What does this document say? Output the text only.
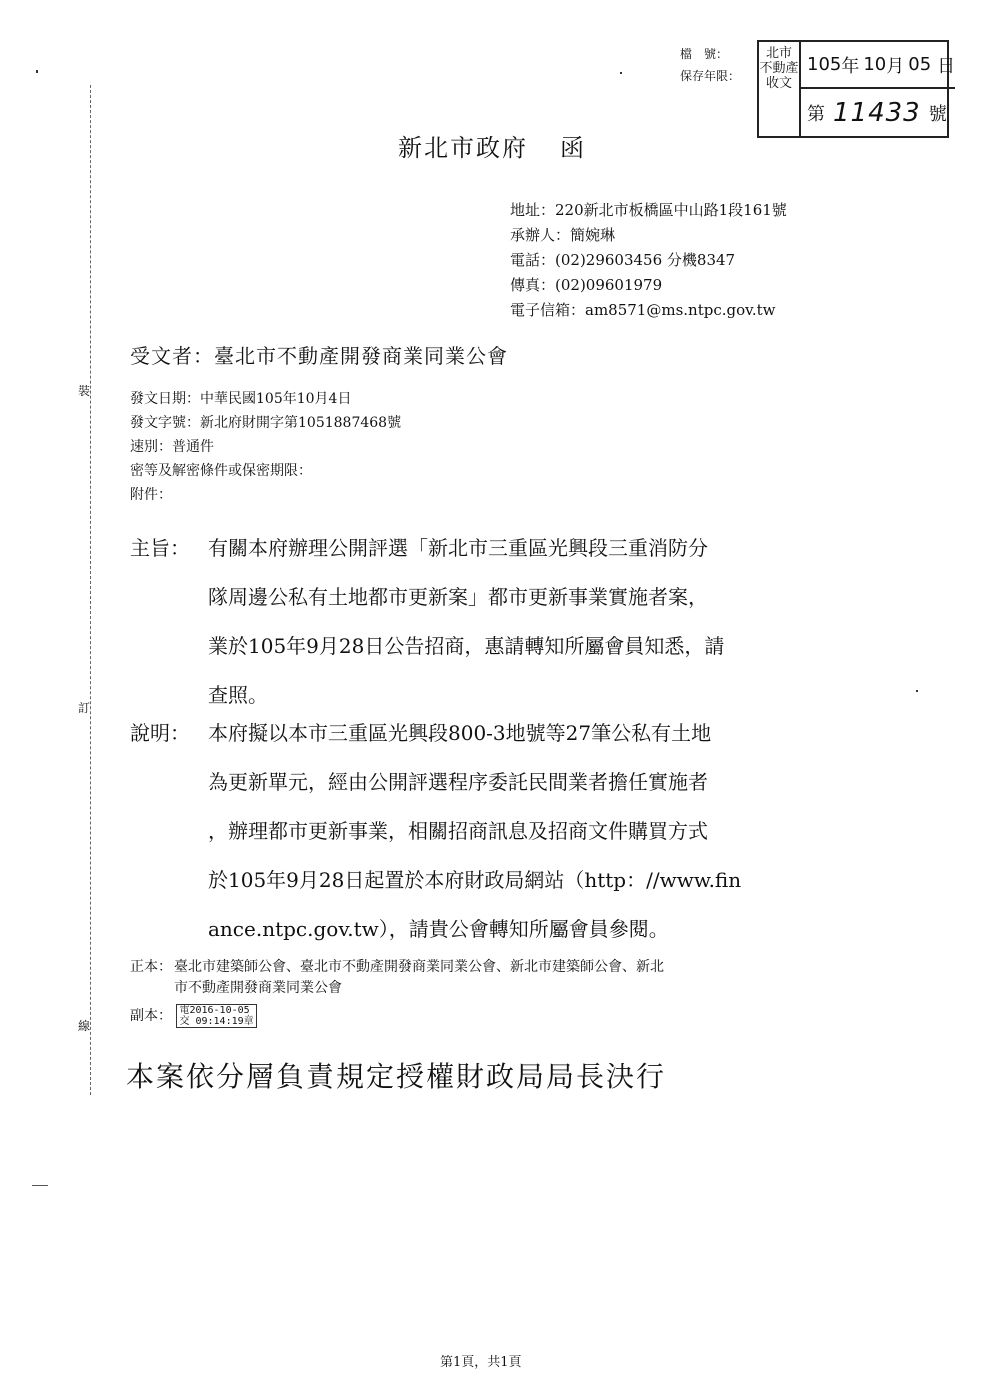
裝
訂
線
檔　號：
保存年限：
北市
不動產
收文
105 年 10 月 05 日
第 11433 號
新北市政府 函
地址：220新北市板橋區中山路1段161號
承辦人：簡婉琳
電話：(02)29603456 分機8347
傳真：(02)09601979
電子信箱：am8571@ms.ntpc.gov.tw
受文者：臺北市不動產開發商業同業公會
發文日期：中華民國105年10月4日
發文字號：新北府財開字第1051887468號
速別：普通件
密等及解密條件或保密期限：
附件：
主旨： 有關本府辦理公開評選「新北市三重區光興段三重消防分
隊周邊公私有土地都市更新案」都市更新事業實施者案，
業於105年9月28日公告招商，惠請轉知所屬會員知悉，請
查照。
說明： 本府擬以本市三重區光興段800-3地號等27筆公私有土地
為更新單元，經由公開評選程序委託民間業者擔任實施者
，辦理都市更新事業，相關招商訊息及招商文件購買方式
於105年9月28日起置於本府財政局網站（http：//www.fin
ance.ntpc.gov.tw），請貴公會轉知所屬會員參閱。
正本： 臺北市建築師公會、臺北市不動產開發商業同業公會、新北市建築師公會、新北
市不動產開發商業同業公會
副本： 電2016-10-05
交 09:14:19章
本案依分層負責規定授權財政局局長決行
第1頁，共1頁
